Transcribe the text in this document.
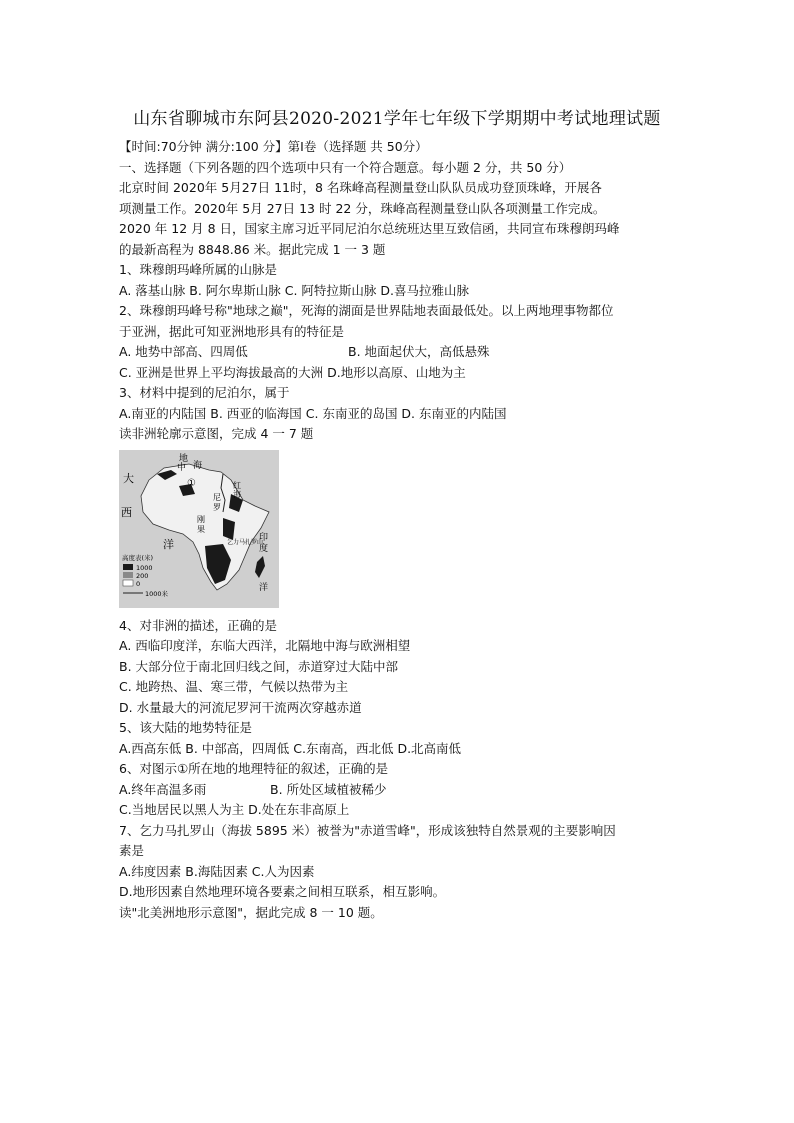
山东省聊城市东阿县2020-2021学年七年级下学期期中考试地理试题
【时间:70分钟 满分:100 分】第Ⅰ卷（选择题 共 50分）
一、选择题（下列各题的四个选项中只有一个符合题意。每小题 2 分，共 50 分）
北京时间 2020年 5月27日 11时，8 名珠峰高程测量登山队队员成功登顶珠峰，开展各
项测量工作。2020年 5月 27日 13 时 22 分，珠峰高程测量登山队各项测量工作完成。
2020 年 12 月 8 日，国家主席习近平同尼泊尔总统班达里互致信函，共同宣布珠穆朗玛峰
的最新高程为 8848.86 米。据此完成 1 一 3 题
1、珠穆朗玛峰所属的山脉是
A. 落基山脉 B. 阿尔卑斯山脉 C. 阿特拉斯山脉 D.喜马拉雅山脉
2、珠穆朗玛峰号称"地球之巅"，死海的湖面是世界陆地表面最低处。以上两地理事物都位
于亚洲，据此可知亚洲地形具有的特征是
A. 地势中部高、四周低	B. 地面起伏大，高低悬殊
C. 亚洲是世界上平均海拔最高的大洲 D.地形以高原、山地为主
3、材料中提到的尼泊尔，属于
A.南亚的内陆国 B. 西亚的临海国 C. 东南亚的岛国 D. 东南亚的内陆国
读非洲轮廓示意图，完成 4 一 7 题
地
中 海
大
西
洋
①
尼
罗
红
海
刚
果
乞力马扎罗山
印
度
洋
高度表(米)
1000
200
0
1000米
4、对非洲的描述，正确的是
A. 西临印度洋，东临大西洋，北隔地中海与欧洲相望
B. 大部分位于南北回归线之间，赤道穿过大陆中部
C. 地跨热、温、寒三带，气候以热带为主
D. 水量最大的河流尼罗河干流两次穿越赤道
5、该大陆的地势特征是
A.西高东低 B. 中部高，四周低 C.东南高，西北低 D.北高南低
6、对图示①所在地的地理特征的叙述，正确的是
A.终年高温多雨	B. 所处区域植被稀少
C.当地居民以黑人为主 D.处在东非高原上
7、乞力马扎罗山（海拔 5895 米）被誉为"赤道雪峰"，形成该独特自然景观的主要影响因
素是
A.纬度因素 B.海陆因素 C.人为因素
D.地形因素自然地理环境各要素之间相互联系，相互影响。
读"北美洲地形示意图"，据此完成 8 一 10 题。
